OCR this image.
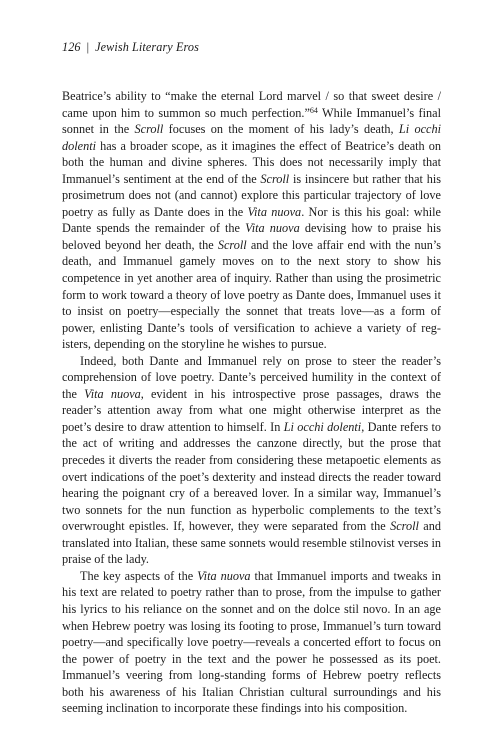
126 | Jewish Literary Eros

Beatrice’s ability to “make the eternal Lord marvel / so that sweet desire / came upon him to summon so much perfection.”$^{64}$ While Immanuel’s final sonnet in the Scroll focuses on the moment of his lady’s death, Li occhi dolenti has a broader scope, as it imagines the effect of Beatrice’s death on both the human and divine spheres. This does not necessarily imply that Immanuel’s sentiment at the end of the Scroll is insincere but rather that his prosimetrum does not (and cannot) explore this particular trajectory of love poetry as fully as Dante does in the Vita nuova. Nor is this his goal: while Dante spends the remainder of the Vita nuova devising how to praise his beloved beyond her death, the Scroll and the love affair end with the nun’s death, and Immanuel gamely moves on to the next story to show his competence in yet another area of inquiry. Rather than using the prosimetric form to work toward a theory of love poetry as Dante does, Immanuel uses it to insist on poetry—especially the sonnet that treats love—as a form of power, enlisting Dante’s tools of versification to achieve a variety of registers, depending on the storyline he wishes to pursue.

Indeed, both Dante and Immanuel rely on prose to steer the reader’s comprehension of love poetry. Dante’s perceived humility in the context of the Vita nuova, evident in his introspective prose passages, draws the reader’s attention away from what one might otherwise interpret as the poet’s desire to draw attention to himself. In Li occhi dolenti, Dante refers to the act of writing and addresses the canzone directly, but the prose that precedes it diverts the reader from considering these metapoetic elements as overt indications of the poet’s dexterity and instead directs the reader toward hearing the poignant cry of a bereaved lover. In a similar way, Immanuel’s two sonnets for the nun function as hyperbolic complements to the text’s overwrought epistles. If, however, they were separated from the Scroll and translated into Italian, these same sonnets would resemble stilnovist verses in praise of the lady.

The key aspects of the Vita nuova that Immanuel imports and tweaks in his text are related to poetry rather than to prose, from the impulse to gather his lyrics to his reliance on the sonnet and on the dolce stil novo. In an age when Hebrew poetry was losing its footing to prose, Immanuel’s turn toward poetry—and specifically love poetry—reveals a concerted effort to focus on the power of poetry in the text and the power he possessed as its poet. Immanuel’s veering from long-standing forms of Hebrew poetry reflects both his awareness of his Italian Christian cultural surroundings and his seeming inclination to incorporate these findings into his composition.
